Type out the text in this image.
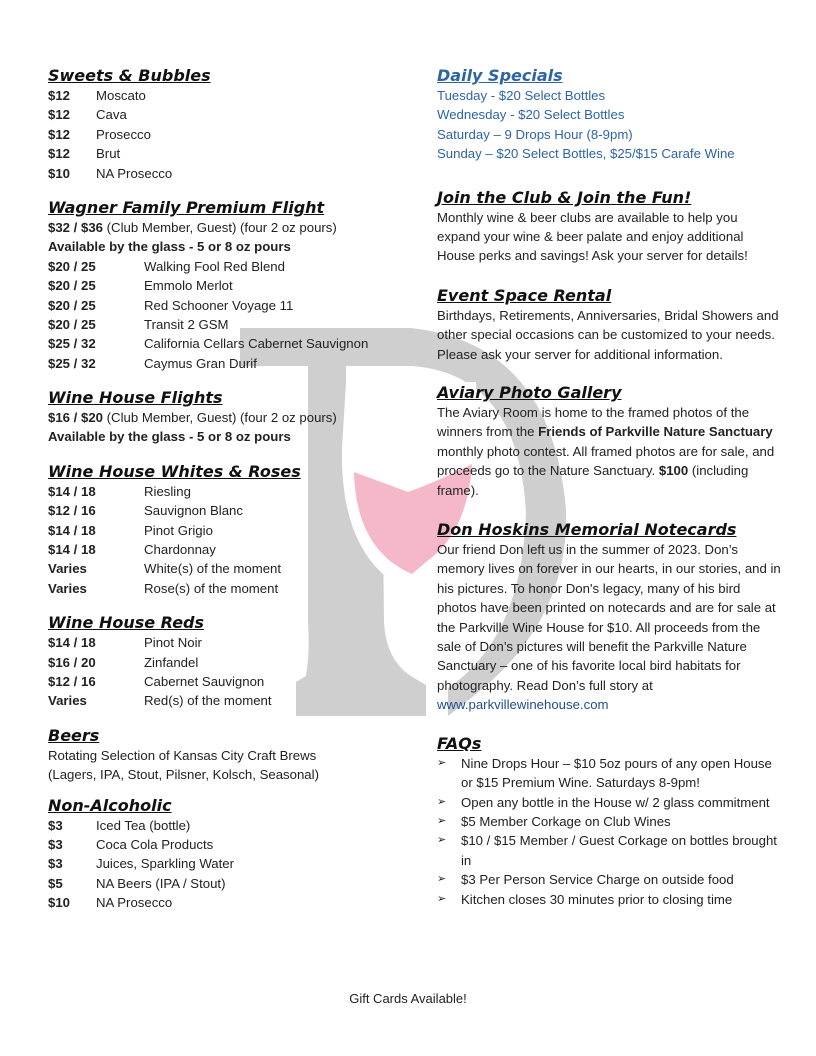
Sweets & Bubbles
$12	Moscato
$12	Cava
$12	Prosecco
$12	Brut
$10	NA Prosecco
Wagner Family Premium Flight
$32 / $36 (Club Member, Guest) (four 2 oz pours)
Available by the glass - 5 or 8 oz pours
$20 / 25	Walking Fool Red Blend
$20 / 25	Emmolo Merlot
$20 / 25	Red Schooner Voyage 11
$20 / 25	Transit 2 GSM
$25 / 32	California Cellars Cabernet Sauvignon
$25 / 32	Caymus Gran Durif
Wine House Flights
$16 / $20 (Club Member, Guest) (four 2 oz pours)
Available by the glass - 5 or 8 oz pours
Wine House Whites & Roses
$14 / 18	Riesling
$12 / 16	Sauvignon Blanc
$14 / 18	Pinot Grigio
$14 / 18	Chardonnay
Varies	White(s) of the moment
Varies	Rose(s) of the moment
Wine House Reds
$14 / 18	Pinot Noir
$16 / 20	Zinfandel
$12 / 16	Cabernet Sauvignon
Varies	Red(s) of the moment
Beers
Rotating Selection of Kansas City Craft Brews
(Lagers, IPA, Stout, Pilsner, Kolsch, Seasonal)
Non-Alcoholic
$3	Iced Tea (bottle)
$3	Coca Cola Products
$3	Juices, Sparkling Water
$5	NA Beers (IPA / Stout)
$10	NA Prosecco
Daily Specials
Tuesday - $20 Select Bottles
Wednesday - $20 Select Bottles
Saturday – 9 Drops Hour (8-9pm)
Sunday – $20 Select Bottles, $25/$15 Carafe Wine
Join the Club & Join the Fun!
Monthly wine & beer clubs are available to help you expand your wine & beer palate and enjoy additional House perks and savings! Ask your server for details!
Event Space Rental
Birthdays, Retirements, Anniversaries, Bridal Showers and other special occasions can be customized to your needs. Please ask your server for additional information.
Aviary Photo Gallery
The Aviary Room is home to the framed photos of the winners from the Friends of Parkville Nature Sanctuary monthly photo contest. All framed photos are for sale, and proceeds go to the Nature Sanctuary. $100 (including frame).
Don Hoskins Memorial Notecards
Our friend Don left us in the summer of 2023. Don’s memory lives on forever in our hearts, in our stories, and in his pictures. To honor Don's legacy, many of his bird photos have been printed on notecards and are for sale at the Parkville Wine House for $10. All proceeds from the sale of Don’s pictures will benefit the Parkville Nature Sanctuary – one of his favorite local bird habitats for photography. Read Don’s full story at www.parkvillewinehouse.com
FAQs
➢	Nine Drops Hour – $10 5oz pours of any open House or $15 Premium Wine. Saturdays 8-9pm!
➢	Open any bottle in the House w/ 2 glass commitment
➢	$5 Member Corkage on Club Wines
➢	$10 / $15 Member / Guest Corkage on bottles brought in
➢	$3 Per Person Service Charge on outside food
➢	Kitchen closes 30 minutes prior to closing time
Gift Cards Available!
